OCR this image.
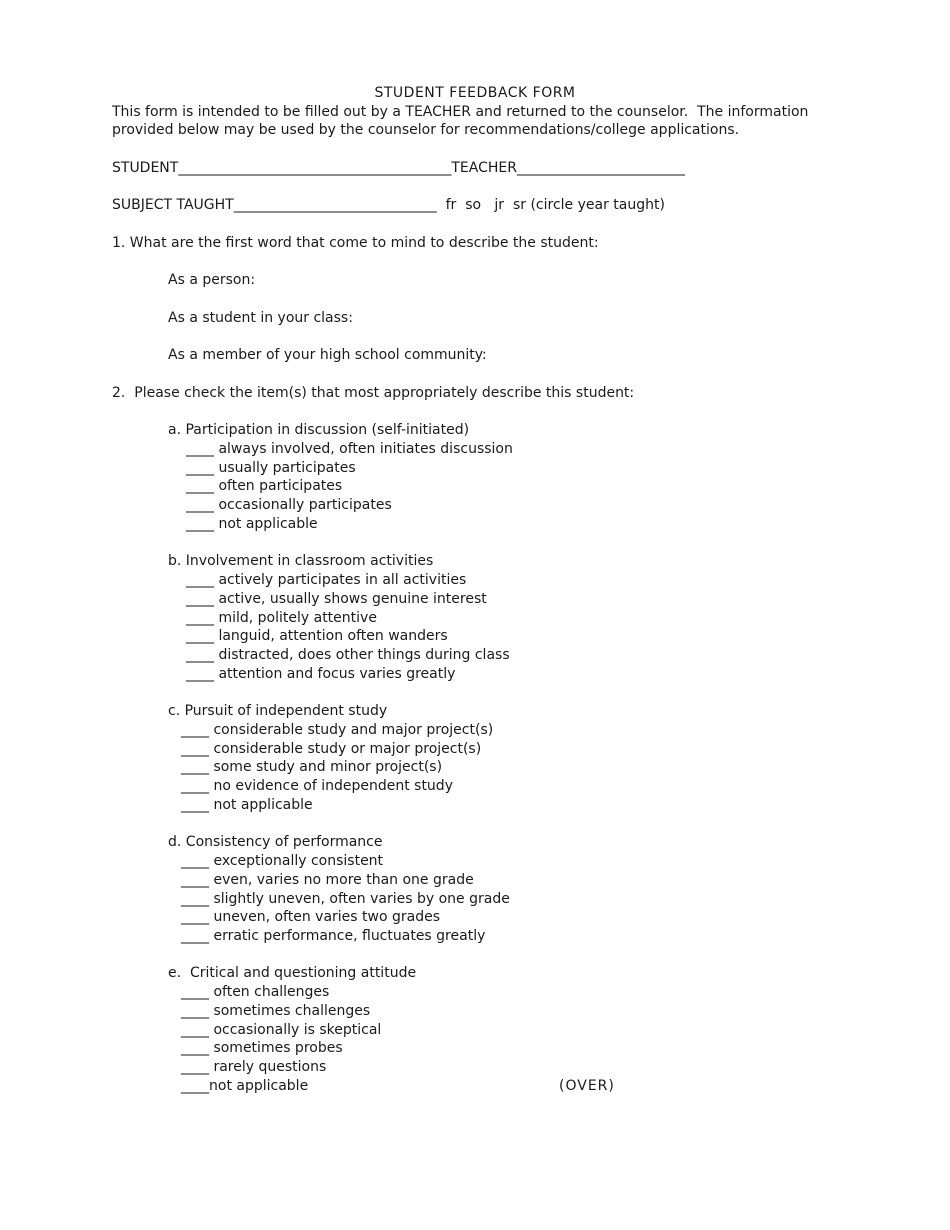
STUDENT FEEDBACK FORM
This form is intended to be filled out by a TEACHER and returned to the counselor.  The information
provided below may be used by the counselor for recommendations/college applications.
STUDENT_______________________________________TEACHER________________________
SUBJECT TAUGHT_____________________________  fr  so   jr  sr (circle year taught)
1. What are the first word that come to mind to describe the student:
As a person:
As a student in your class:
As a member of your high school community:
2.  Please check the item(s) that most appropriately describe this student:
a. Participation in discussion (self-initiated)
____ always involved, often initiates discussion
____ usually participates
____ often participates
____ occasionally participates
____ not applicable
b. Involvement in classroom activities
____ actively participates in all activities
____ active, usually shows genuine interest
____ mild, politely attentive
____ languid, attention often wanders
____ distracted, does other things during class
____ attention and focus varies greatly
c. Pursuit of independent study
____ considerable study and major project(s)
____ considerable study or major project(s)
____ some study and minor project(s)
____ no evidence of independent study
____ not applicable
d. Consistency of performance
____ exceptionally consistent
____ even, varies no more than one grade
____ slightly uneven, often varies by one grade
____ uneven, often varies two grades
____ erratic performance, fluctuates greatly
e.  Critical and questioning attitude
____ often challenges
____ sometimes challenges
____ occasionally is skeptical
____ sometimes probes
____ rarely questions
____not applicable	(OVER)
